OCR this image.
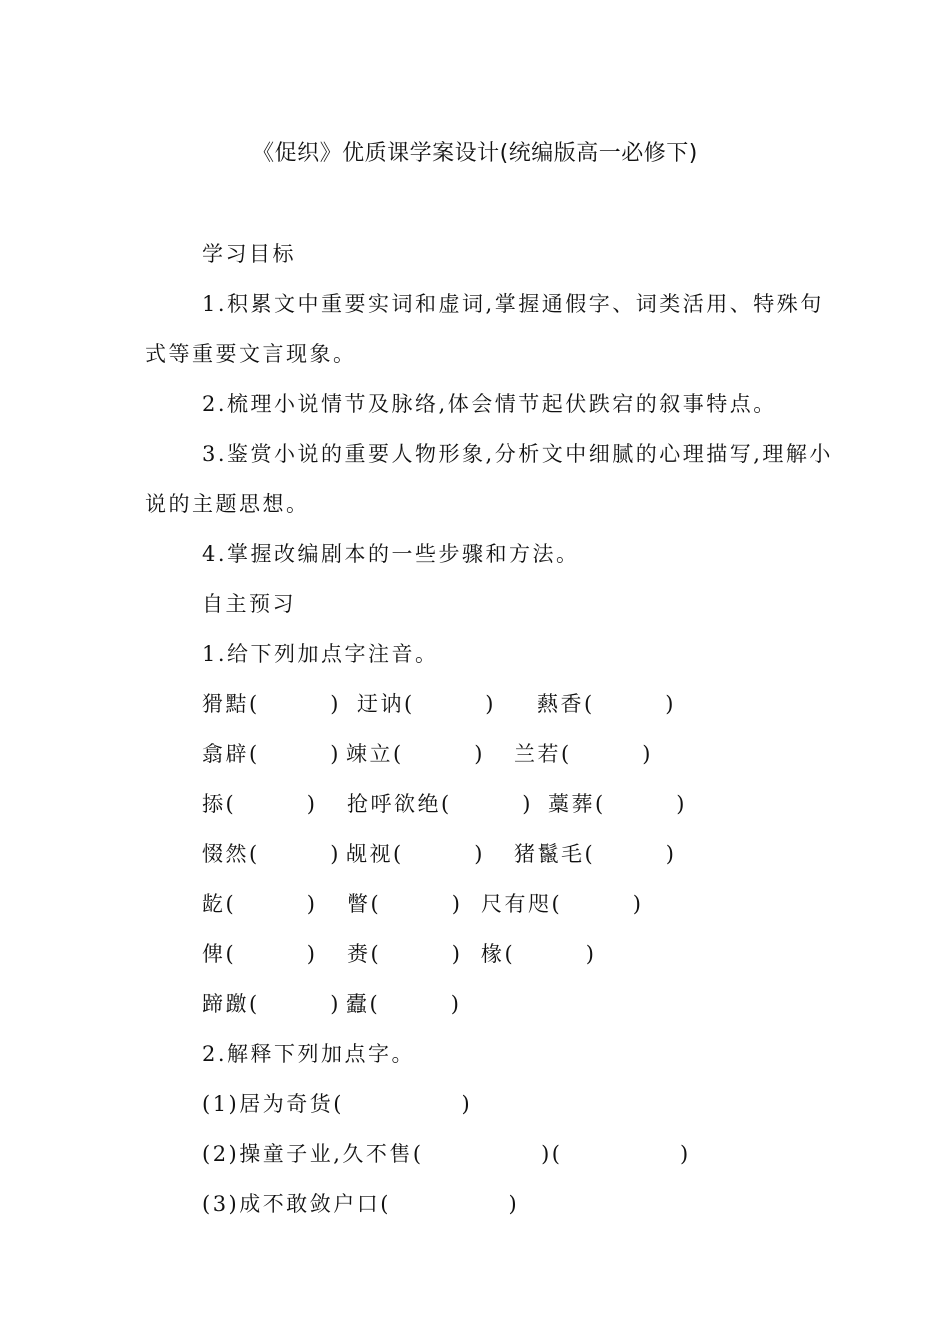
《促织》优质课学案设计(统编版高一必修下)
学习目标
1.积累文中重要实词和虚词,掌握通假字、词类活用、特殊句
式等重要文言现象。
2.梳理小说情节及脉络,体会情节起伏跌宕的叙事特点。
3.鉴赏小说的重要人物形象,分析文中细腻的心理描写,理解小
说的主题思想。
4.掌握改编剧本的一些步骤和方法。
自主预习
1.给下列加点字注音。
猾黠(　　　) 迂讷(　　　) 爇香(　　　)
翕辟(　　　) 竦立(　　　) 兰若(　　　)
掭(　　　) 抢呼欲绝(　　　) 藁葬(　　　)
惙然(　　　) 觇视(　　　) 猪鬣毛(　　　)
龁(　　　) 瞥(　　　) 尺有咫(　　　)
俾(　　　) 赉(　　　) 椽(　　　)
蹄躈(　　　) 蠹(　　　)
2.解释下列加点字。
(1)居为奇货(　　　　　)
(2)操童子业,久不售(　　　　　)(　　　　　)
(3)成不敢敛户口(　　　　　)
